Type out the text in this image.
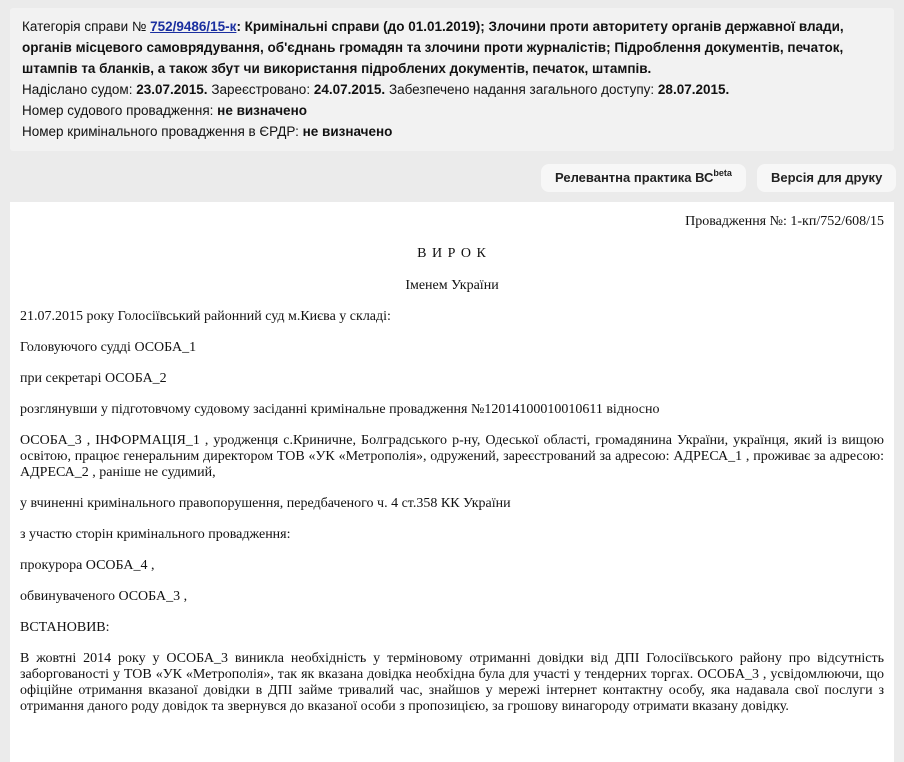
Категорія справи № 752/9486/15-к: Кримінальні справи (до 01.01.2019); Злочини проти авторитету органів державної влади,
органів місцевого самоврядування, об'єднань громадян та злочини проти журналістів; Підроблення документів, печаток,
штампів та бланків, а також збут чи використання підроблених документів, печаток, штампів.

Надіслано судом: 23.07.2015. Зареєстровано: 24.07.2015. Забезпечено надання загального доступу: 28.07.2015.

Номер судового провадження: не визначено

Номер кримінального провадження в ЄРДР: не визначено

Релевантна практика $ВС^{beta}$	Версія для друку

Провадження №: 1-кп/752/608/15

В И Р О К

Іменем України

21.07.2015 року Голосіївський районний суд м.Києва у складі:

Головуючого судді ОСОБА_1

при секретарі ОСОБА_2

розглянувши у підготовчому судовому засіданні кримінальне провадження №12014100010010611 відносно

ОСОБА_3 , ІНФОРМАЦІЯ_1 , уродженця с.Криничне, Болградського р-ну, Одеської області, громадянина України, українця, який із вищою освітою, працює генеральним директором ТОВ «УК «Метрополія», одружений, зареєстрований за адресою: АДРЕСА_1 , проживає за адресою: АДРЕСА_2 , раніше не судимий,

у вчиненні кримінального правопорушення, передбаченого ч. 4 ст.358 КК України

з участю сторін кримінального провадження:

прокурора ОСОБА_4 ,

обвинуваченого ОСОБА_3 ,

ВСТАНОВИВ:

В жовтні 2014 року у ОСОБА_3 виникла необхідність у терміновому отриманні довідки від ДПІ Голосіївського району про відсутність заборгованості у ТОВ «УК «Метрополія», так як вказана довідка необхідна була для участі у тендерних торгах. ОСОБА_3 , усвідомлюючи, що офіційне отримання вказаної довідки в ДПІ займе тривалий час, знайшов у мережі інтернет контактну особу, яка надавала свої послуги з отримання даного роду довідок та звернувся до вказаної особи з пропозицією, за грошову винагороду отримати вказану довідку.
